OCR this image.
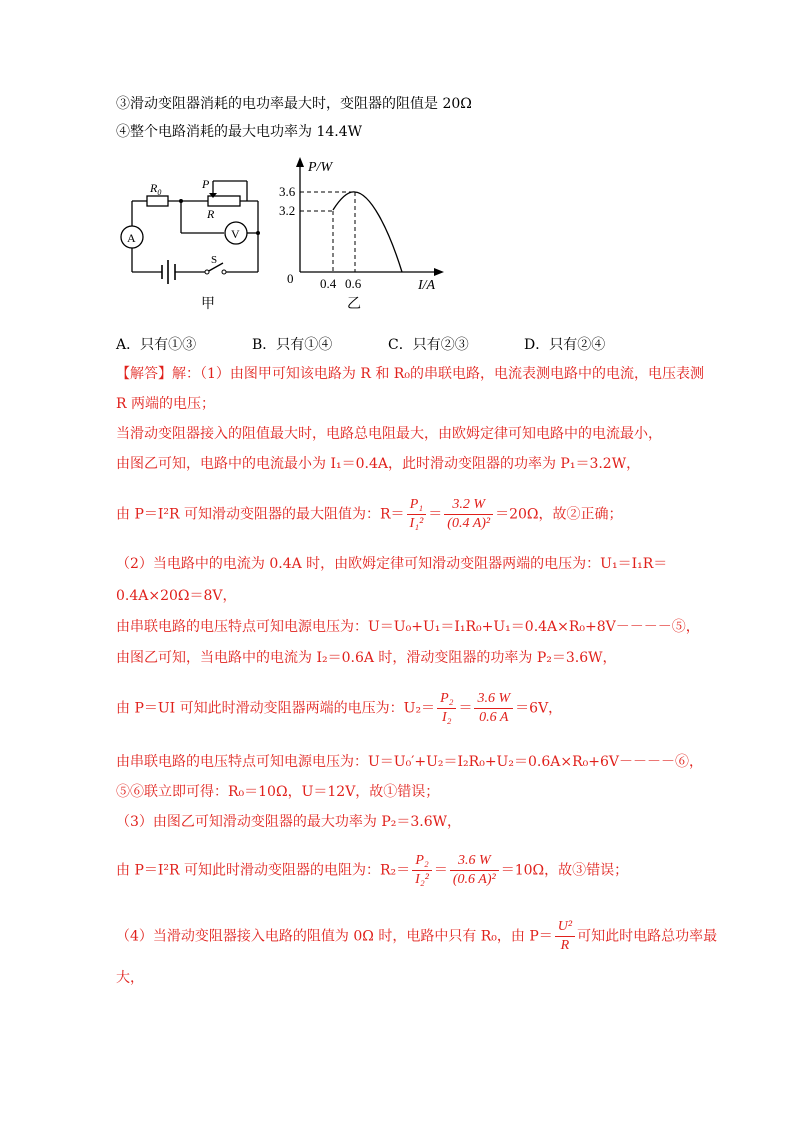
③滑动变阻器消耗的电功率最大时，变阻器的阻值是 20Ω
④整个电路消耗的最大电功率为 14.4W
$R_0$
P
R
A	V
S
甲
P/W
I/A
0
3.6
3.2
0.4 0.6
乙
A．只有①③	B．只有①④	C．只有②③	D．只有②④
【解答】解：（1）由图甲可知该电路为 R 和 R₀的串联电路，电流表测电路中的电流，电压表测
R 两端的电压；
当滑动变阻器接入的阻值最大时，电路总电阻最大，由欧姆定律可知电路中的电流最小，
由图乙可知，电路中的电流最小为 I₁＝0.4A，此时滑动变阻器的功率为 P₁＝3.2W，
由 P＝I²R 可知滑动变阻器的最大阻值为：$R= \frac{\text{P₁}}{\text{I₁²}} = \frac{3.2 W}{\text{(0.4 A)²}} =20\Omega$，故②正确；
（2）当电路中的电流为 0.4A 时，由欧姆定律可知滑动变阻器两端的电压为：U₁＝I₁R＝
0.4A×20Ω＝8V，
由串联电路的电压特点可知电源电压为：U＝U₀+U₁＝I₁R₀+U₁＝0.4A×R₀+8V－－－－⑤，
由图乙可知，当电路中的电流为 I₂＝0.6A 时，滑动变阻器的功率为 P₂＝3.6W，
由 P＝UI 可知此时滑动变阻器两端的电压为：$U_2= \frac{\text{P₂}}{\text{I₂}} = \frac{3.6 W}{0.6 A} =6V$，
由串联电路的电压特点可知电源电压为：U＝U₀′+U₂＝I₂R₀+U₂＝0.6A×R₀+6V－－－－⑥，
⑤⑥联立即可得：R₀＝10Ω，U＝12V，故①错误；
（3）由图乙可知滑动变阻器的最大功率为 P₂＝3.6W，
由 P＝I²R 可知此时滑动变阻器的电阻为：$R_2= \frac{\text{P₂}}{\text{I₂²}} = \frac{3.6 W}{\text{(0.6 A)²}} =10\Omega$，故③错误；
（4）当滑动变阻器接入电路的阻值为 0Ω 时，电路中只有 R₀，由 $P= \frac{\text{U²}}{R}$ 可知此时电路总功率最
大，
